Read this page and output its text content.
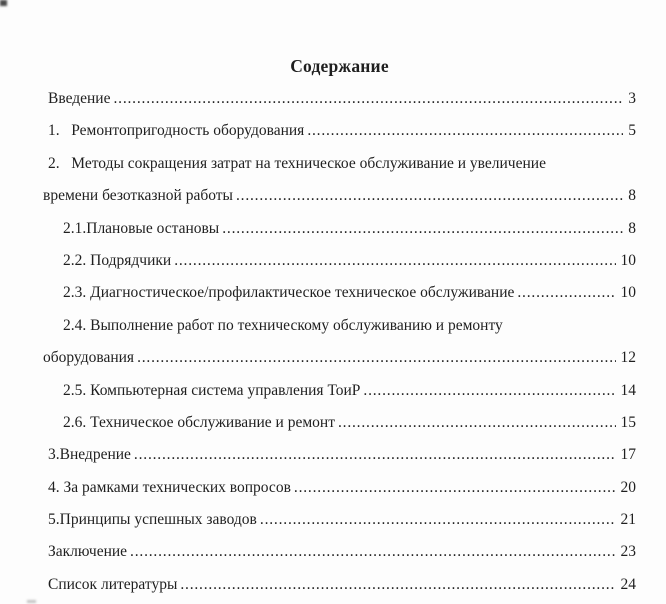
Содержание
Введение .....	3
1.   Ремонтопригодность оборудования .....	5
2.   Методы сокращения затрат на техническое обслуживание и увеличение
времени безотказной работы .....	8
2.1.Плановые остановы .....	8
2.2. Подрядчики .....	10
2.3. Диагностическое/профилактическое техническое обслуживание .....	10
2.4. Выполнение работ по техническому обслуживанию и ремонту
оборудования .....	12
2.5. Компьютерная система управления ТоиР .....	14
2.6. Техническое обслуживание и ремонт .....	15
3.Внедрение .....	17
4. За рамками технических вопросов .....	20
5.Принципы успешных заводов .....	21
Заключение .....	23
Список литературы .....	24
